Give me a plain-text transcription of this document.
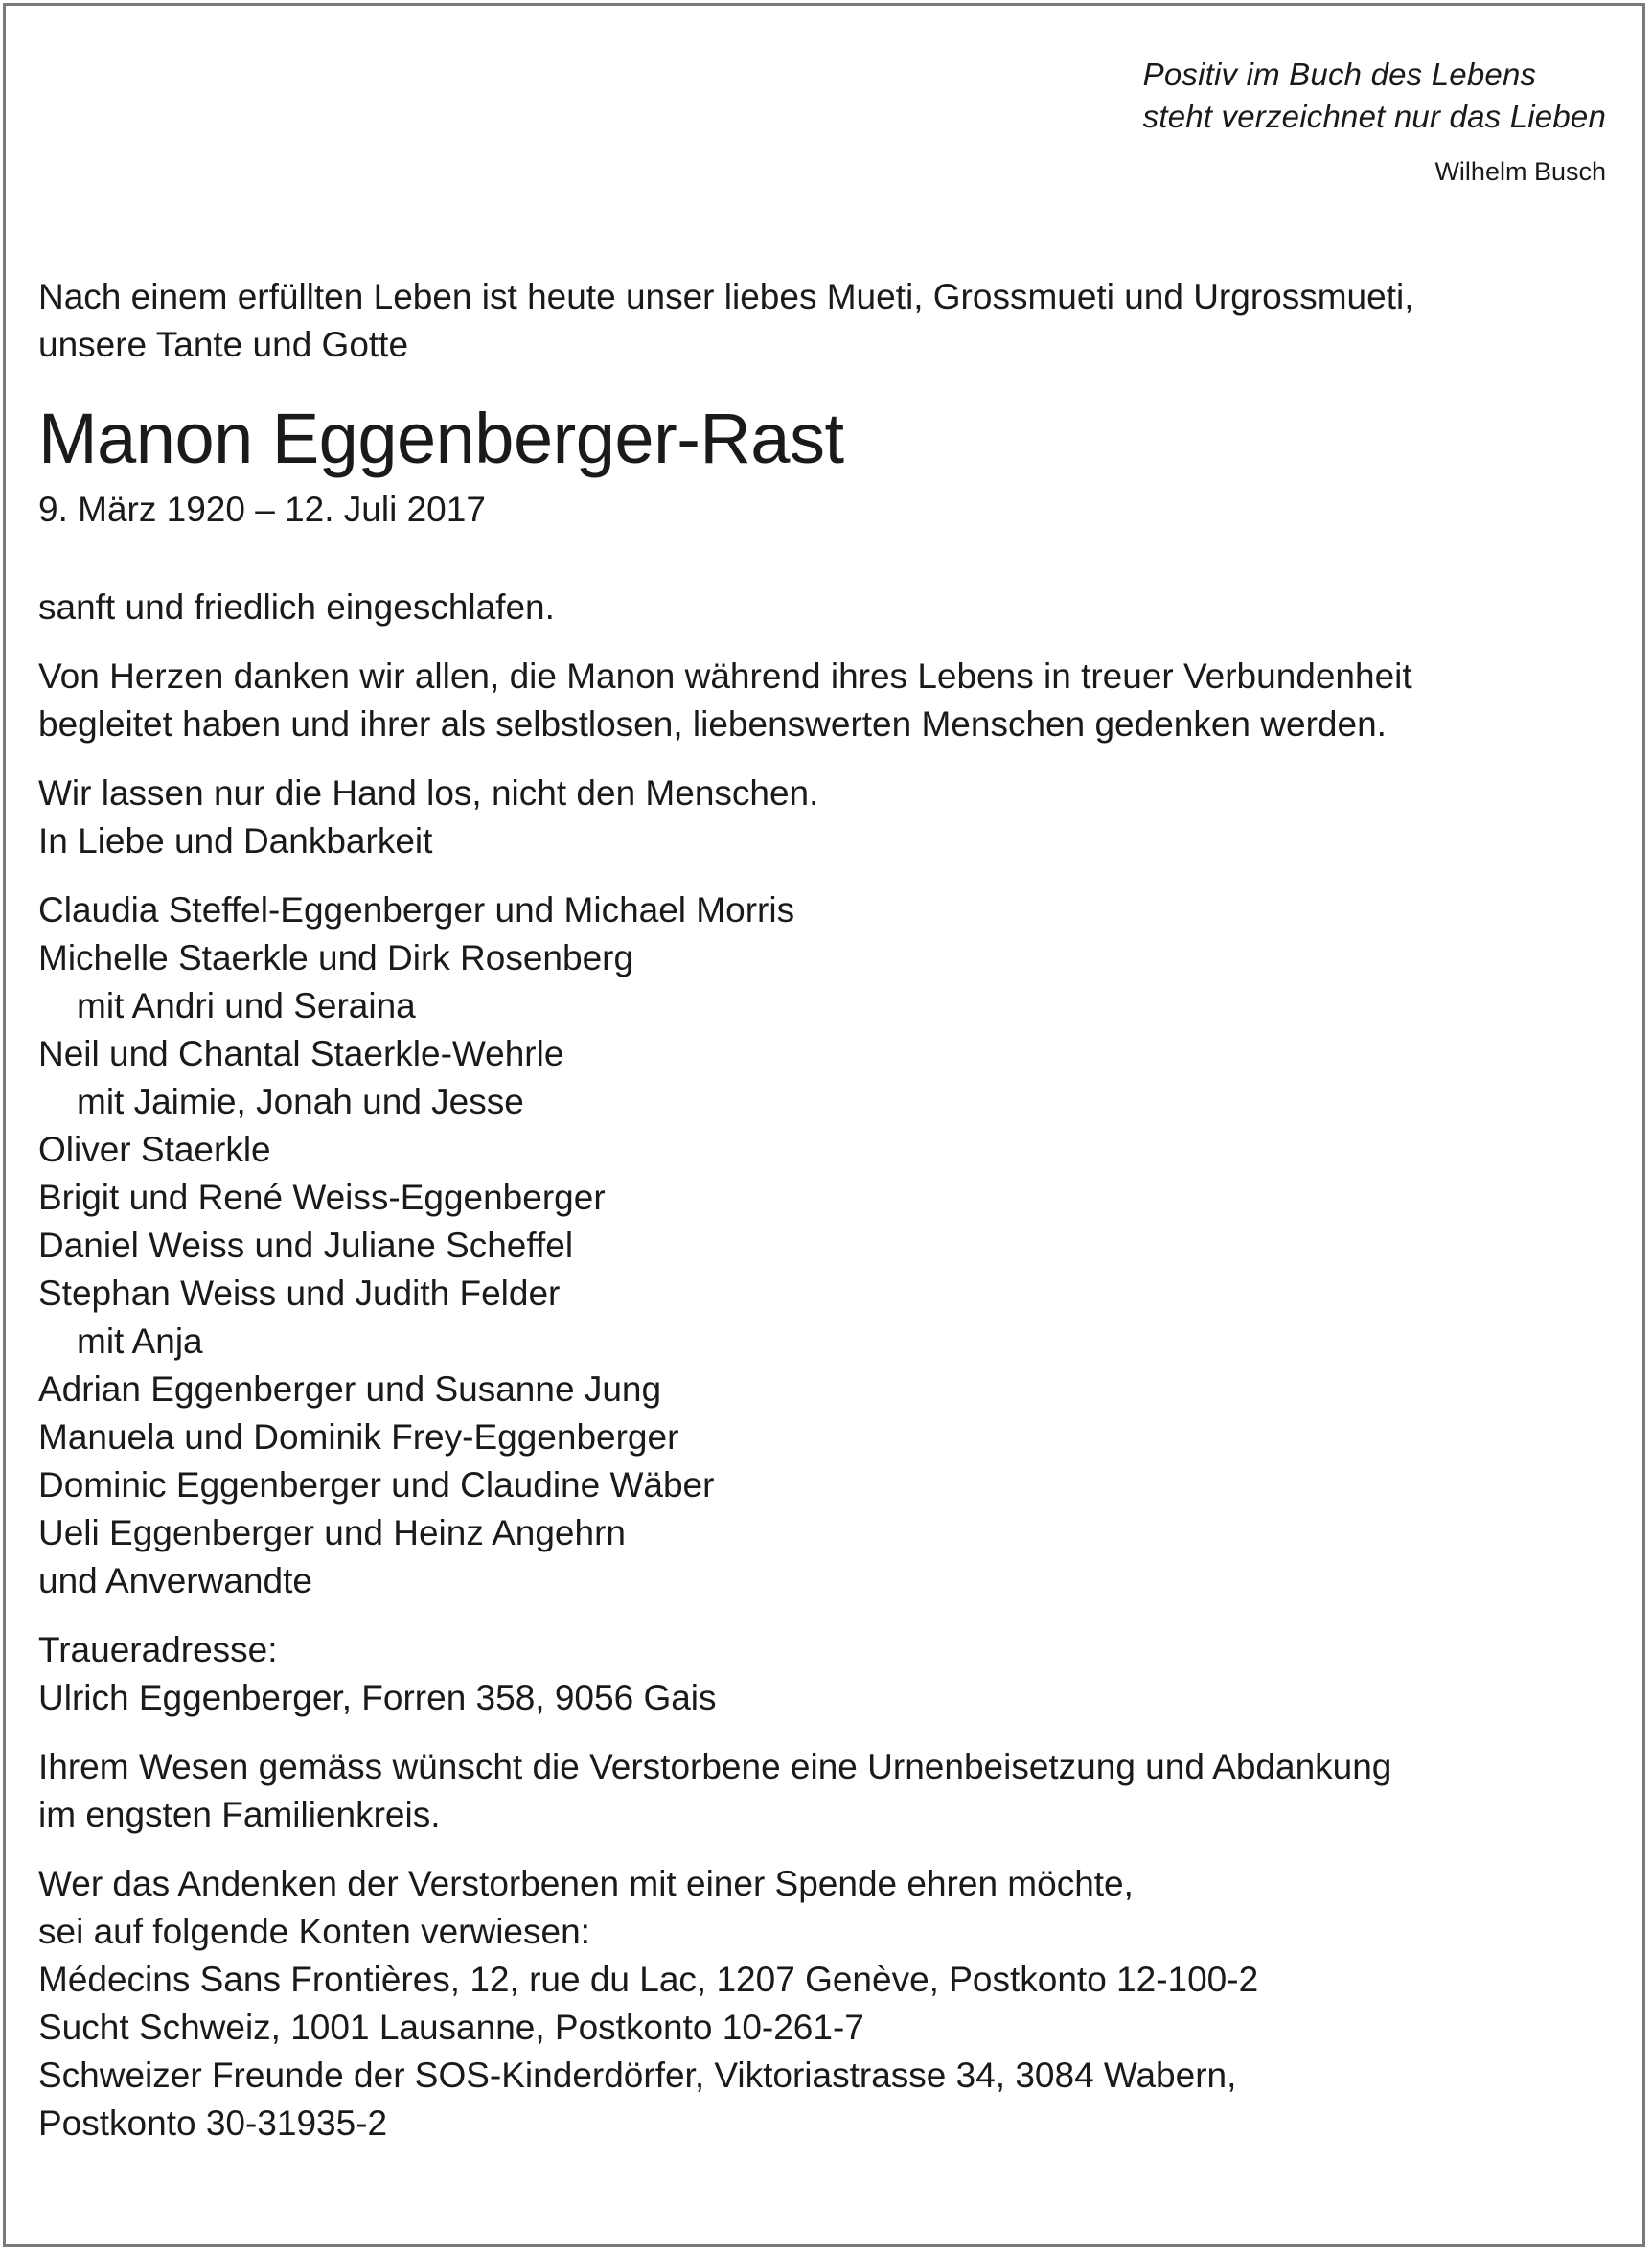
Positiv im Buch des Lebens
steht verzeichnet nur das Lieben
Wilhelm Busch

Nach einem erfüllten Leben ist heute unser liebes Mueti, Grossmueti und Urgrossmueti,
unsere Tante und Gotte

Manon Eggenberger-Rast

9. März 1920 – 12. Juli 2017

sanft und friedlich eingeschlafen.

Von Herzen danken wir allen, die Manon während ihres Lebens in treuer Verbundenheit
begleitet haben und ihrer als selbstlosen, liebenswerten Menschen gedenken werden.

Wir lassen nur die Hand los, nicht den Menschen.
In Liebe und Dankbarkeit

Claudia Steffel-Eggenberger und Michael Morris
Michelle Staerkle und Dirk Rosenberg
mit Andri und Seraina
Neil und Chantal Staerkle-Wehrle
mit Jaimie, Jonah und Jesse
Oliver Staerkle
Brigit und René Weiss-Eggenberger
Daniel Weiss und Juliane Scheffel
Stephan Weiss und Judith Felder
mit Anja
Adrian Eggenberger und Susanne Jung
Manuela und Dominik Frey-Eggenberger
Dominic Eggenberger und Claudine Wäber
Ueli Eggenberger und Heinz Angehrn
und Anverwandte

Traueradresse:
Ulrich Eggenberger, Forren 358, 9056 Gais

Ihrem Wesen gemäss wünscht die Verstorbene eine Urnenbeisetzung und Abdankung
im engsten Familienkreis.

Wer das Andenken der Verstorbenen mit einer Spende ehren möchte,
sei auf folgende Konten verwiesen:
Médecins Sans Frontières, 12, rue du Lac, 1207 Genève, Postkonto 12-100-2
Sucht Schweiz, 1001 Lausanne, Postkonto 10-261-7
Schweizer Freunde der SOS-Kinderdörfer, Viktoriastrasse 34, 3084 Wabern,
Postkonto 30-31935-2
